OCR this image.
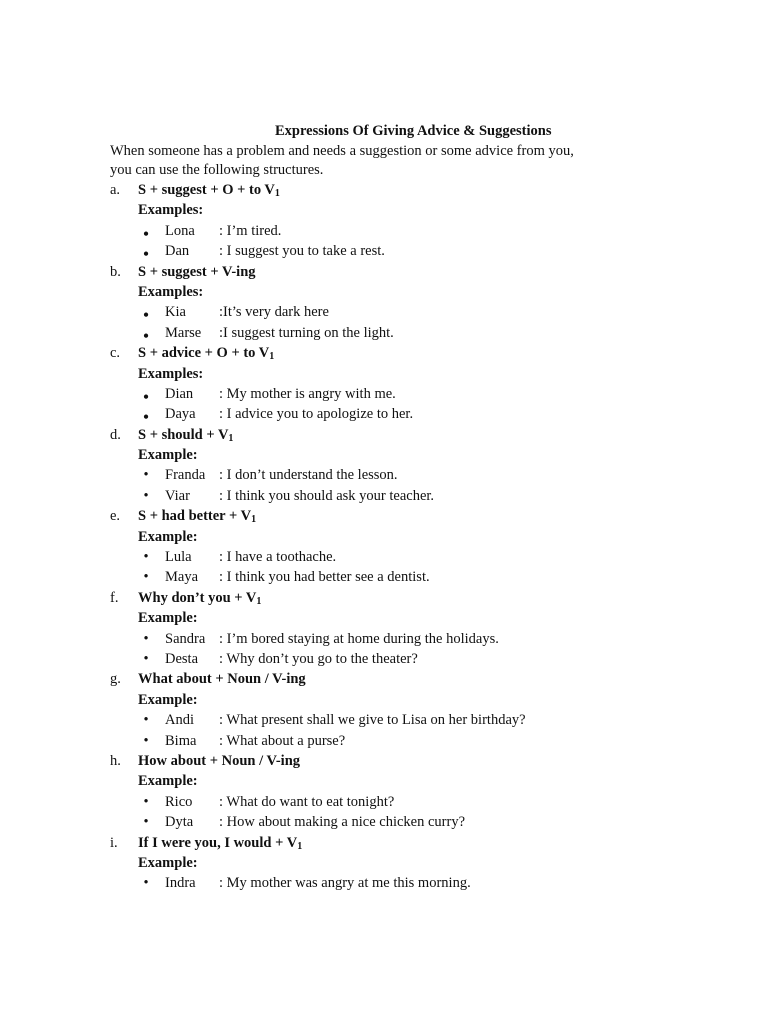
Expressions Of Giving Advice & Suggestions

When someone has a problem and needs a suggestion or some advice from you, you can use the following structures.

a. S + suggest + O + to $V_1$
Examples:
•	Lona : I’m tired.
•	Dan : I suggest you to take a rest.
b. S + suggest + V-ing
Examples:
•	Kia :It’s very dark here
•	Marse :I suggest turning on the light.
c. S + advice + O + to $V_1$
Examples:
•	Dian : My mother is angry with me.
•	Daya : I advice you to apologize to her.
d. S + should + $V_1$
Example:
•	Franda : I don’t understand the lesson.
•	Viar : I think you should ask your teacher.
e. S + had better + $V_1$
Example:
•	Lula : I have a toothache.
•	Maya : I think you had better see a dentist.
f. Why don’t you + $V_1$
Example:
•	Sandra : I’m bored staying at home during the holidays.
•	Desta : Why don’t you go to the theater?
g. What about + Noun / V-ing
Example:
•	Andi : What present shall we give to Lisa on her birthday?
•	Bima : What about a purse?
h. How about + Noun / V-ing
Example:
•	Rico : What do want to eat tonight?
•	Dyta : How about making a nice chicken curry?
i. If I were you, I would + $V_1$
Example:
•	Indra : My mother was angry at me this morning.
